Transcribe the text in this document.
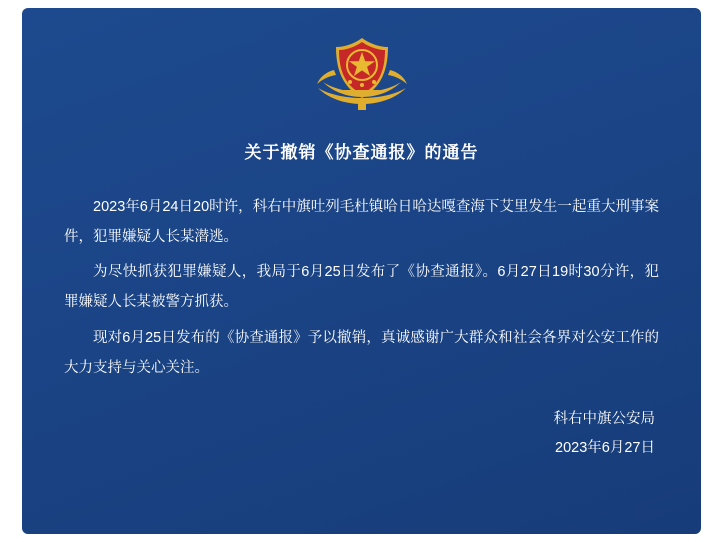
关于撤销《协查通报》的通告

2023年6月24日20时许，科右中旗吐列毛杜镇哈日哈达嘎查海下艾里发生一起重大刑事案件，犯罪嫌疑人长某潜逃。

为尽快抓获犯罪嫌疑人，我局于6月25日发布了《协查通报》。6月27日19时30分许，犯罪嫌疑人长某被警方抓获。

现对6月25日发布的《协查通报》予以撤销，真诚感谢广大群众和社会各界对公安工作的大力支持与关心关注。

科右中旗公安局
2023年6月27日
